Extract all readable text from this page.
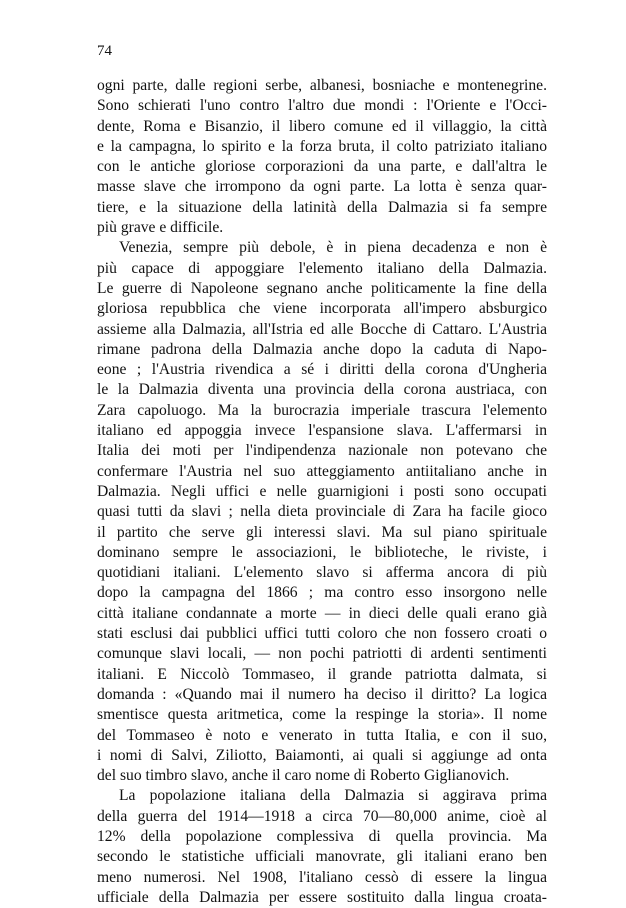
74
ogni parte, dalle regioni serbe, albanesi, bosniache e montenegrine.
Sono schierati l'uno contro l'altro due mondi : l'Oriente e l'Occi-
dente, Roma e Bisanzio, il libero comune ed il villaggio, la città
e la campagna, lo spirito e la forza bruta, il colto patriziato italiano
con le antiche gloriose corporazioni da una parte, e dall'altra le
masse slave che irrompono da ogni parte. La lotta è senza quar-
tiere, e la situazione della latinità della Dalmazia si fa sempre
più grave e difficile.
Venezia, sempre più debole, è in piena decadenza e non è
più capace di appoggiare l'elemento italiano della Dalmazia.
Le guerre di Napoleone segnano anche politicamente la fine della
gloriosa repubblica che viene incorporata all'impero absburgico
assieme alla Dalmazia, all'Istria ed alle Bocche di Cattaro. L'Austria
rimane padrona della Dalmazia anche dopo la caduta di Napo-
eone ; l'Austria rivendica a sé i diritti della corona d'Ungheria
le la Dalmazia diventa una provincia della corona austriaca, con
Zara capoluogo. Ma la burocrazia imperiale trascura l'elemento
italiano ed appoggia invece l'espansione slava. L'affermarsi in
Italia dei moti per l'indipendenza nazionale non potevano che
confermare l'Austria nel suo atteggiamento antiitaliano anche in
Dalmazia. Negli uffici e nelle guarnigioni i posti sono occupati
quasi tutti da slavi ; nella dieta provinciale di Zara ha facile gioco
il partito che serve gli interessi slavi. Ma sul piano spirituale
dominano sempre le associazioni, le biblioteche, le riviste, i
quotidiani italiani. L'elemento slavo si afferma ancora di più
dopo la campagna del 1866 ; ma contro esso insorgono nelle
città italiane condannate a morte — in dieci delle quali erano già
stati esclusi dai pubblici uffici tutti coloro che non fossero croati o
comunque slavi locali, — non pochi patriotti di ardenti sentimenti
italiani. E Niccolò Tommaseo, il grande patriotta dalmata, si
domanda : «Quando mai il numero ha deciso il diritto? La logica
smentisce questa aritmetica, come la respinge la storia». Il nome
del Tommaseo è noto e venerato in tutta Italia, e con il suo,
i nomi di Salvi, Ziliotto, Baiamonti, ai quali si aggiunge ad onta
del suo timbro slavo, anche il caro nome di Roberto Giglianovich.
La popolazione italiana della Dalmazia si aggirava prima
della guerra del 1914—1918 a circa 70—80,000 anime, cioè al
12% della popolazione complessiva di quella provincia. Ma
secondo le statistiche ufficiali manovrate, gli italiani erano ben
meno numerosi. Nel 1908, l'italiano cessò di essere la lingua
ufficiale della Dalmazia per essere sostituito dalla lingua croata-
